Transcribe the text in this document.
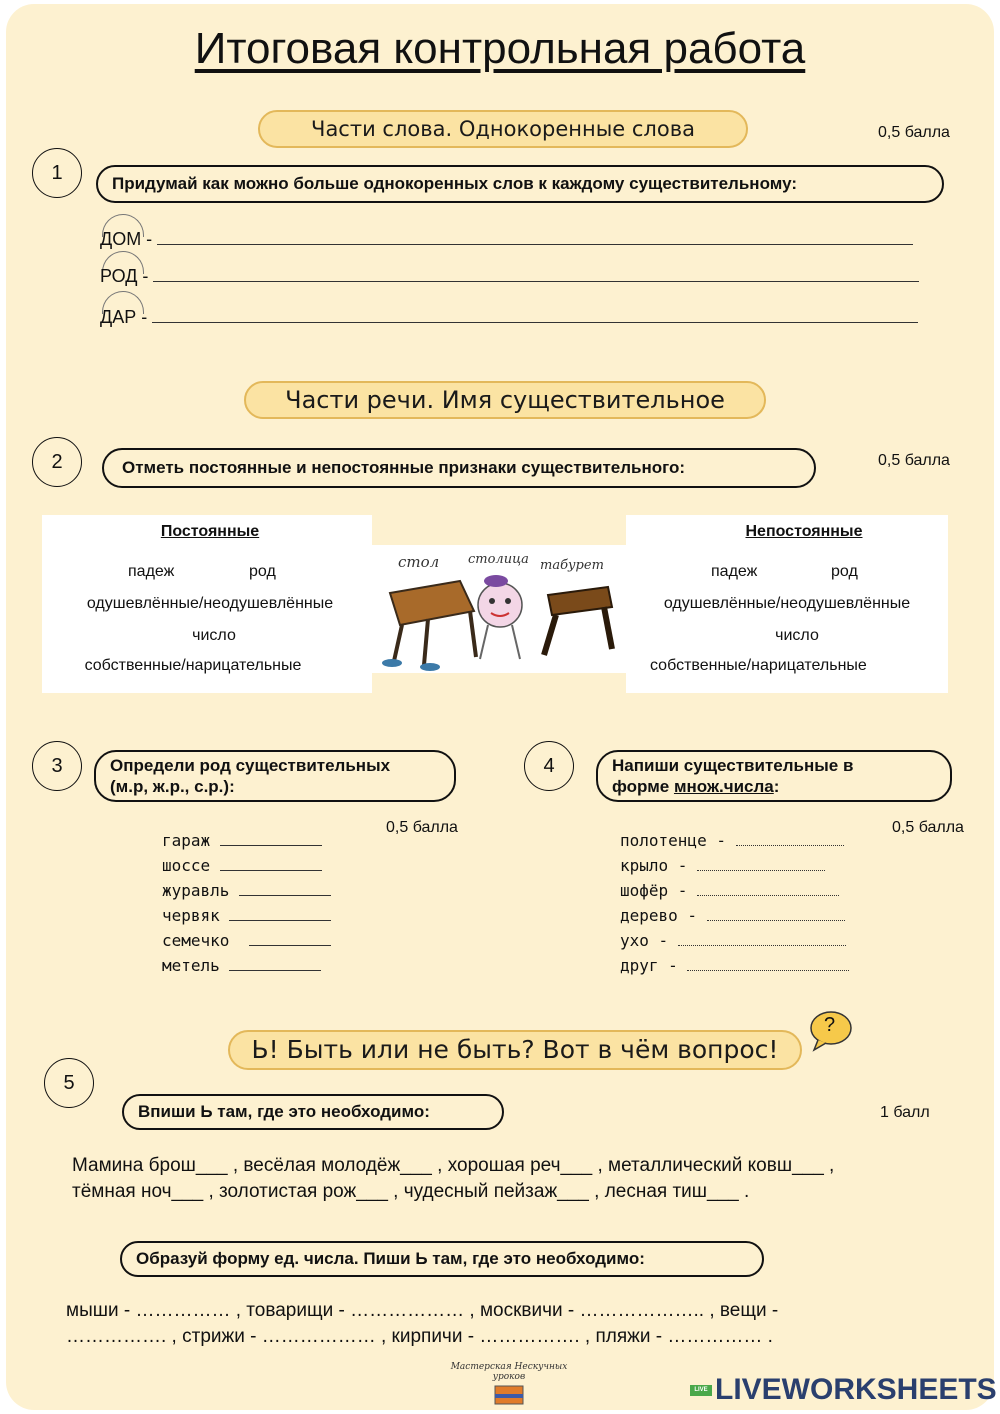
Итоговая контрольная работа
Части слова. Однокоренные слова	0,5 балла
1	Придумай как можно больше однокоренных слов к каждому существительному:
ДОМ -
РОД -
ДАР -
Части речи. Имя существительное
2	0,5 балла
Отметь постоянные и непостоянные признаки существительного:
Постоянные
падеж	род
одушевлённые/неодушевлённые
число
собственные/нарицательные
стол столица табурет
Непостоянные
падеж	род
одушевлённые/неодушевлённые
число
собственные/нарицательные
3	Определи род существительных
(м.р, ж.р., с.р.):
0,5 балла
гараж
шоссе
журавль
червяк
семечко
метель
4	Напиши существительные в
форме множ.числа:
0,5 балла
полотенце -
крыло -
шофёр -
дерево -
ухо -
друг -
Ь! Быть или не быть? Вот в чём вопрос!
?
5
Впиши Ь там, где это необходимо:	1 балл
Мамина брош___ , весёлая молодёж___ , хорошая реч___ , металлический ковш___ ,
тёмная ноч___ , золотистая рож___ , чудесный пейзаж___ , лесная тиш___ .
Образуй форму ед. числа. Пиши Ь там, где это необходимо:
мыши - …………… , товарищи - ……………… , москвичи - ……………….. , вещи -
……………. , стрижи - ……………… , кирпичи - ……………. , пляжи - …………… .
Мастерская Нескучных уроков
LIVE LIVEWORKSHEETS
